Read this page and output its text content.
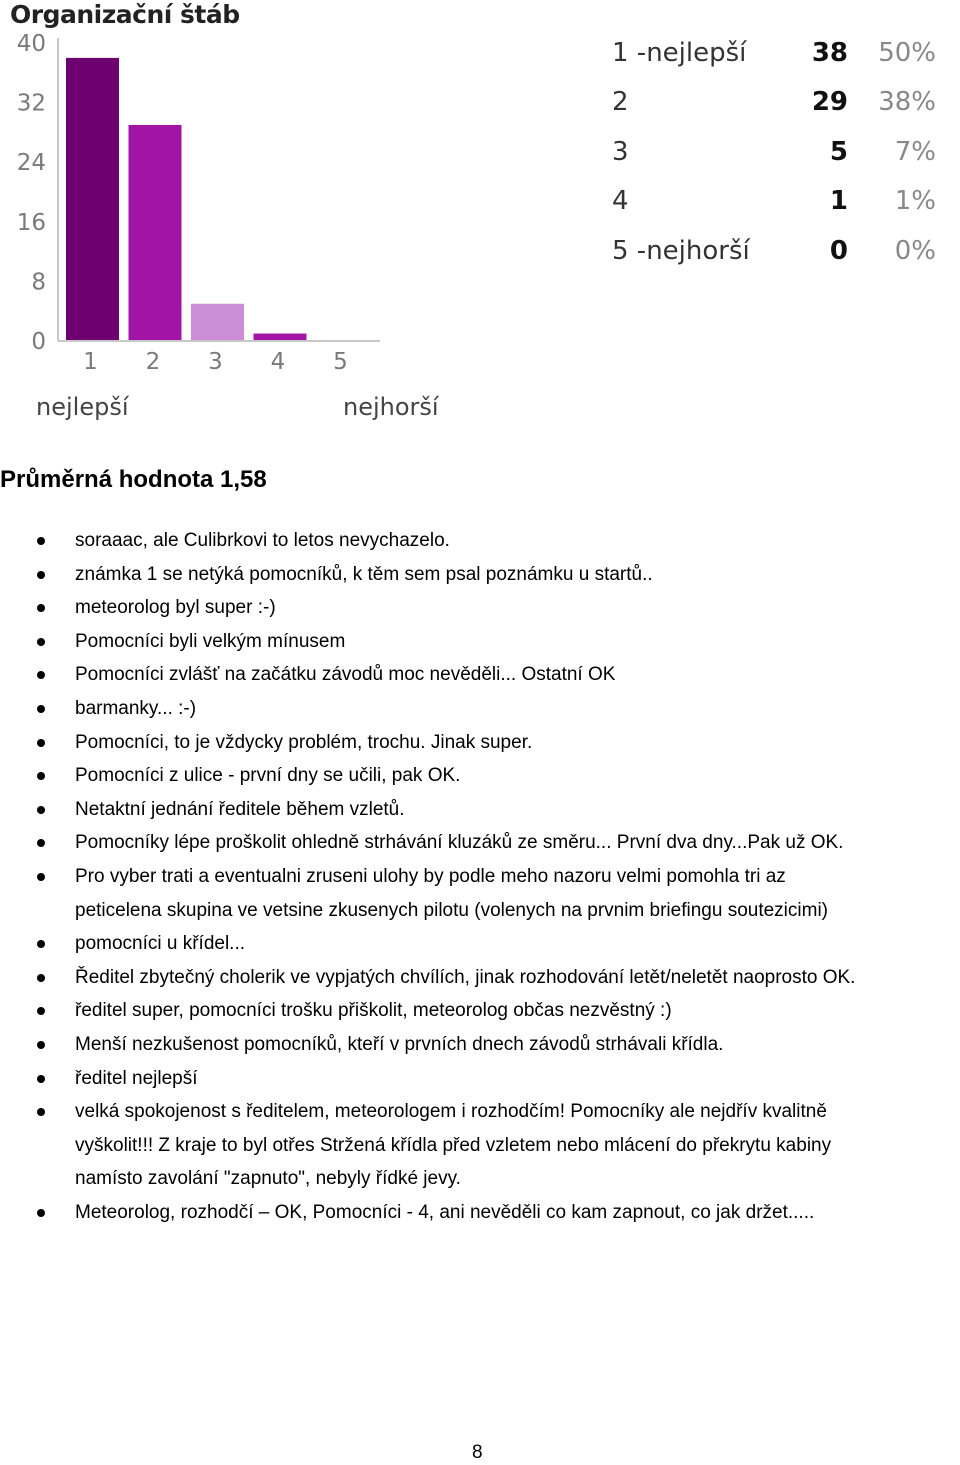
Organizační štáb
0
8
16
24
32
40
1 2 3 4 5
nejlepší	nejhorší
1 -nejlepší	38	50%
2	29	38%
3	5	7%
4	1	1%
5 -nejhorší	0	0%
Průměrná hodnota 1,58
soraaac, ale Culibrkovi to letos nevychazelo.
známka 1 se netýká pomocníků, k těm sem psal poznámku u startů..
meteorolog byl super :-)
Pomocníci byli velkým mínusem
Pomocníci zvlášť na začátku závodů moc nevěděli... Ostatní OK
barmanky... :-)
Pomocníci, to je vždycky problém, trochu. Jinak super.
Pomocníci z ulice - první dny se učili, pak OK.
Netaktní jednání ředitele během vzletů.
Pomocníky lépe proškolit ohledně strhávání kluzáků ze směru... První dva dny...Pak už OK.
Pro vyber trati a eventualni zruseni ulohy by podle meho nazoru velmi pomohla tri az
peticelena skupina ve vetsine zkusenych pilotu (volenych na prvnim briefingu soutezicimi)
pomocníci u křídel...
Ředitel zbytečný cholerik ve vypjatých chvílích, jinak rozhodování letět/neletět naoprosto OK.
ředitel super, pomocníci trošku přiškolit, meteorolog občas nezvěstný :)
Menší nezkušenost pomocníků, kteří v prvních dnech závodů strhávali křídla.
ředitel nejlepší
velká spokojenost s ředitelem, meteorologem i rozhodčím! Pomocníky ale nejdřív kvalitně
vyškolit!!! Z kraje to byl otřes Stržená křídla před vzletem nebo mlácení do překrytu kabiny
namísto zavolání "zapnuto", nebyly řídké jevy.
Meteorolog, rozhodčí – OK, Pomocníci - 4, ani nevěděli co kam zapnout, co jak držet.....
8
